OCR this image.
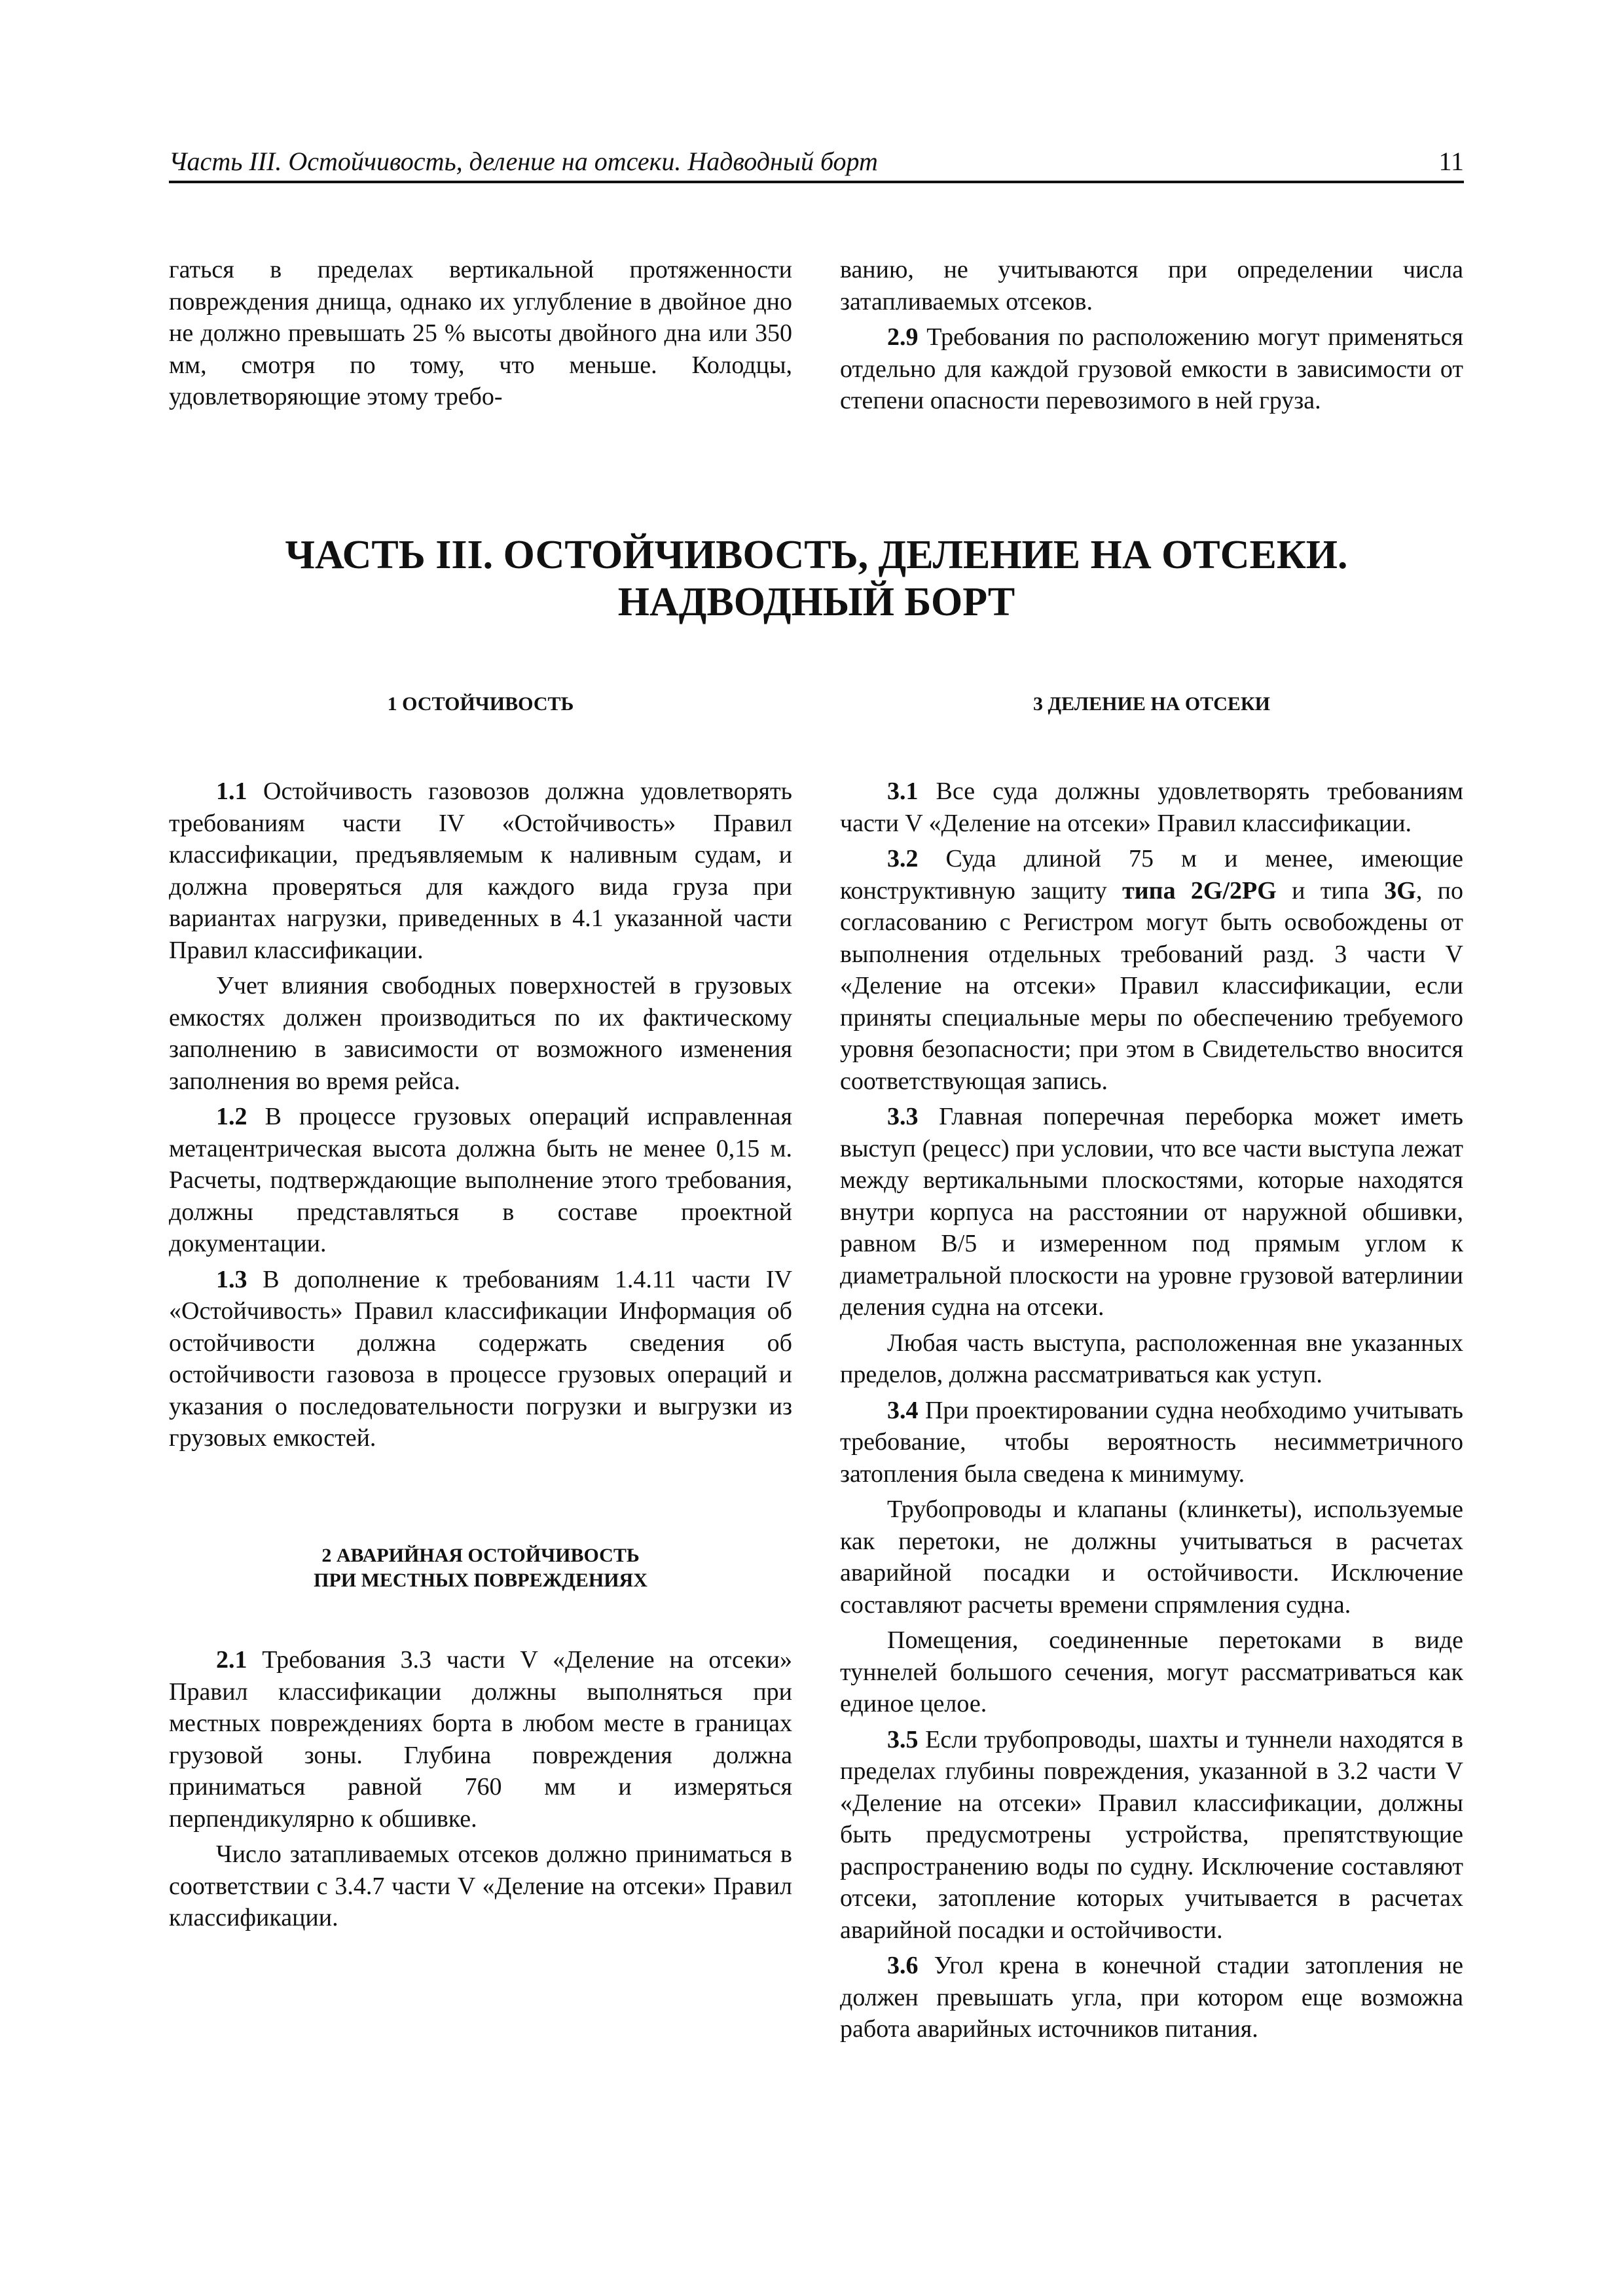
Часть III. Остойчивость, деление на отсеки. Надводный борт	11

гаться в пределах вертикальной протяженности повреждения днища, однако их углубление в двойное дно не должно превышать 25 % высоты двойного дна или 350 мм, смотря по тому, что меньше. Колодцы, удовлетворяющие этому требо-

ванию, не учитываются при определении числа затапливаемых отсеков.

2.9 Требования по расположению могут применяться отдельно для каждой грузовой емкости в зависимости от степени опасности перевозимого в ней груза.

ЧАСТЬ III. ОСТОЙЧИВОСТЬ, ДЕЛЕНИЕ НА ОТСЕКИ.
НАДВОДНЫЙ БОРТ

1 ОСТОЙЧИВОСТЬ

1.1 Остойчивость газовозов должна удовлетворять требованиям части IV «Остойчивость» Правил классификации, предъявляемым к наливным судам, и должна проверяться для каждого вида груза при вариантах нагрузки, приведенных в 4.1 указанной части Правил классификации.

Учет влияния свободных поверхностей в грузовых емкостях должен производиться по их фактическому заполнению в зависимости от возможного изменения заполнения во время рейса.

1.2 В процессе грузовых операций исправленная метацентрическая высота должна быть не менее 0,15 м. Расчеты, подтверждающие выполнение этого требования, должны представляться в составе проектной документации.

1.3 В дополнение к требованиям 1.4.11 части IV «Остойчивость» Правил классификации Информация об остойчивости должна содержать сведения об остойчивости газовоза в процессе грузовых операций и указания о последовательности погрузки и выгрузки из грузовых емкостей.

2 АВАРИЙНАЯ ОСТОЙЧИВОСТЬ
ПРИ МЕСТНЫХ ПОВРЕЖДЕНИЯХ

2.1 Требования 3.3 части V «Деление на отсеки» Правил классификации должны выполняться при местных повреждениях борта в любом месте в границах грузовой зоны. Глубина повреждения должна приниматься равной 760 мм и измеряться перпендикулярно к обшивке.

Число затапливаемых отсеков должно приниматься в соответствии с 3.4.7 части V «Деление на отсеки» Правил классификации.

3 ДЕЛЕНИЕ НА ОТСЕКИ

3.1 Все суда должны удовлетворять требованиям части V «Деление на отсеки» Правил классификации.

3.2 Суда длиной 75 м и менее, имеющие конструктивную защиту типа 2G/2PG и типа 3G, по согласованию с Регистром могут быть освобождены от выполнения отдельных требований разд. 3 части V «Деление на отсеки» Правил классификации, если приняты специальные меры по обеспечению требуемого уровня безопасности; при этом в Свидетельство вносится соответствующая запись.

3.3 Главная поперечная переборка может иметь выступ (рецесс) при условии, что все части выступа лежат между вертикальными плоскостями, которые находятся внутри корпуса на расстоянии от наружной обшивки, равном B/5 и измеренном под прямым углом к диаметральной плоскости на уровне грузовой ватерлинии деления судна на отсеки.

Любая часть выступа, расположенная вне указанных пределов, должна рассматриваться как уступ.

3.4 При проектировании судна необходимо учитывать требование, чтобы вероятность несимметричного затопления была сведена к минимуму.

Трубопроводы и клапаны (клинкеты), используемые как перетоки, не должны учитываться в расчетах аварийной посадки и остойчивости. Исключение составляют расчеты времени спрямления судна.

Помещения, соединенные перетоками в виде туннелей большого сечения, могут рассматриваться как единое целое.

3.5 Если трубопроводы, шахты и туннели находятся в пределах глубины повреждения, указанной в 3.2 части V «Деление на отсеки» Правил классификации, должны быть предусмотрены устройства, препятствующие распространению воды по судну. Исключение составляют отсеки, затопление которых учитывается в расчетах аварийной посадки и остойчивости.

3.6 Угол крена в конечной стадии затопления не должен превышать угла, при котором еще возможна работа аварийных источников питания.
